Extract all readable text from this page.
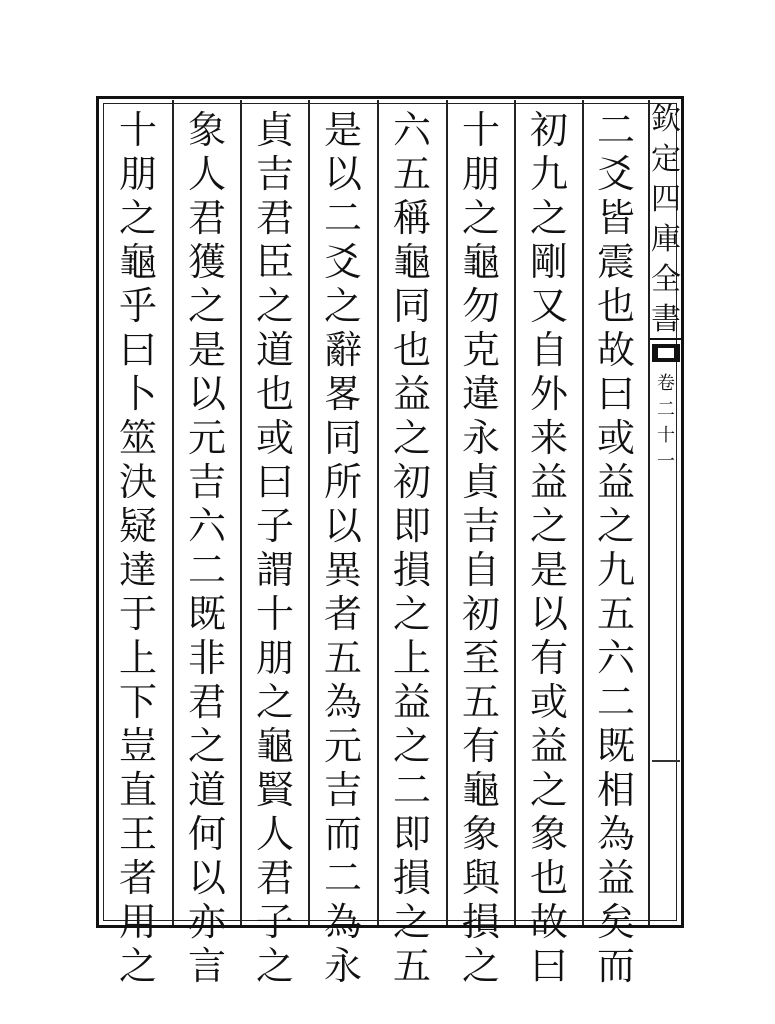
二
爻
皆
震
也
故
曰
或
益
之
九
五
六
二
既
相
為
益
矣
而
初
九
之
剛
又
自
外
来
益
之
是
以
有
或
益
之
象
也
故
曰
十
朋
之
龜
勿
克
違
永
貞
吉
自
初
至
五
有
龜
象
與
損
之
六
五
稱
龜
同
也
益
之
初
即
損
之
上
益
之
二
即
損
之
五
是
以
二
爻
之
辭
畧
同
所
以
異
者
五
為
元
吉
而
二
為
永
貞
吉
君
臣
之
道
也
或
曰
子
謂
十
朋
之
龜
賢
人
君
子
之
象
人
君
獲
之
是
以
元
吉
六
二
既
非
君
之
道
何
以
亦
言
十
朋
之
龜
乎
曰
卜
筮
決
疑
達
于
上
下
豈
直
王
者
用
之
欽
定
四
庫
全
書
卷
二
十
一
